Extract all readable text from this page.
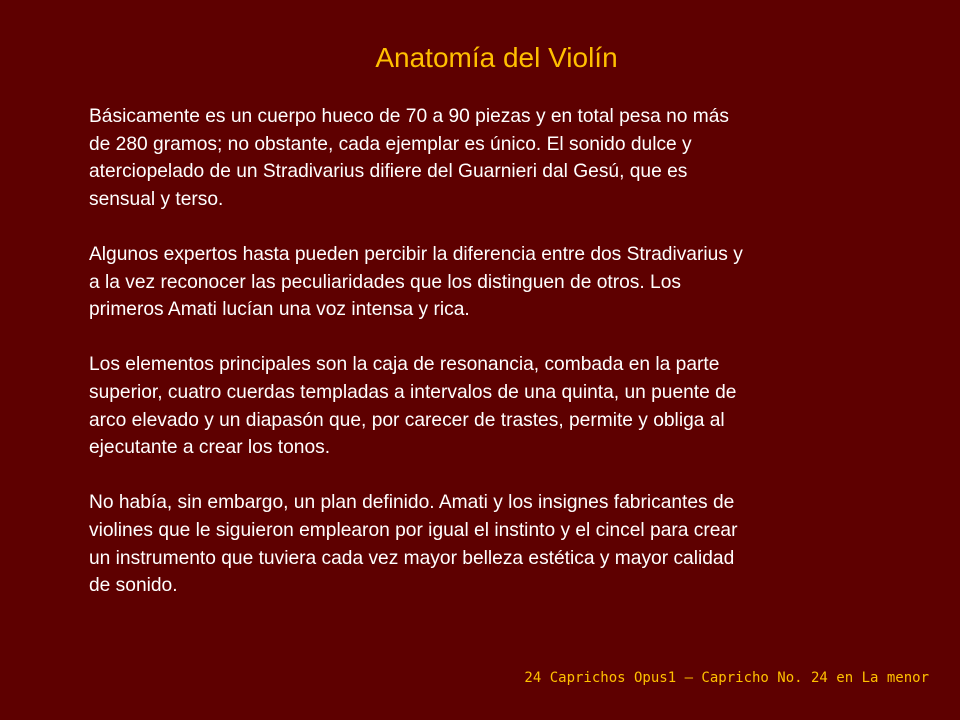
Anatomía del Violín

Básicamente es un cuerpo hueco de 70 a 90 piezas y en total pesa no más
de 280 gramos; no obstante, cada ejemplar es único. El sonido dulce y
aterciopelado de un Stradivarius difiere del Guarnieri dal Gesú, que es
sensual y terso.

Algunos expertos hasta pueden percibir la diferencia entre dos Stradivarius y
a la vez reconocer las peculiaridades que los distinguen de otros. Los
primeros Amati lucían una voz intensa y rica.

Los elementos principales son la caja de resonancia, combada en la parte
superior, cuatro cuerdas templadas a intervalos de una quinta, un puente de
arco elevado y un diapasón que, por carecer de trastes, permite y obliga al
ejecutante a crear los tonos.

No había, sin embargo, un plan definido. Amati y los insignes fabricantes de
violines que le siguieron emplearon por igual el instinto y el cincel para crear
un instrumento que tuviera cada vez mayor belleza estética y mayor calidad
de sonido.

24 Caprichos Opus1 – Capricho No. 24 en La menor
